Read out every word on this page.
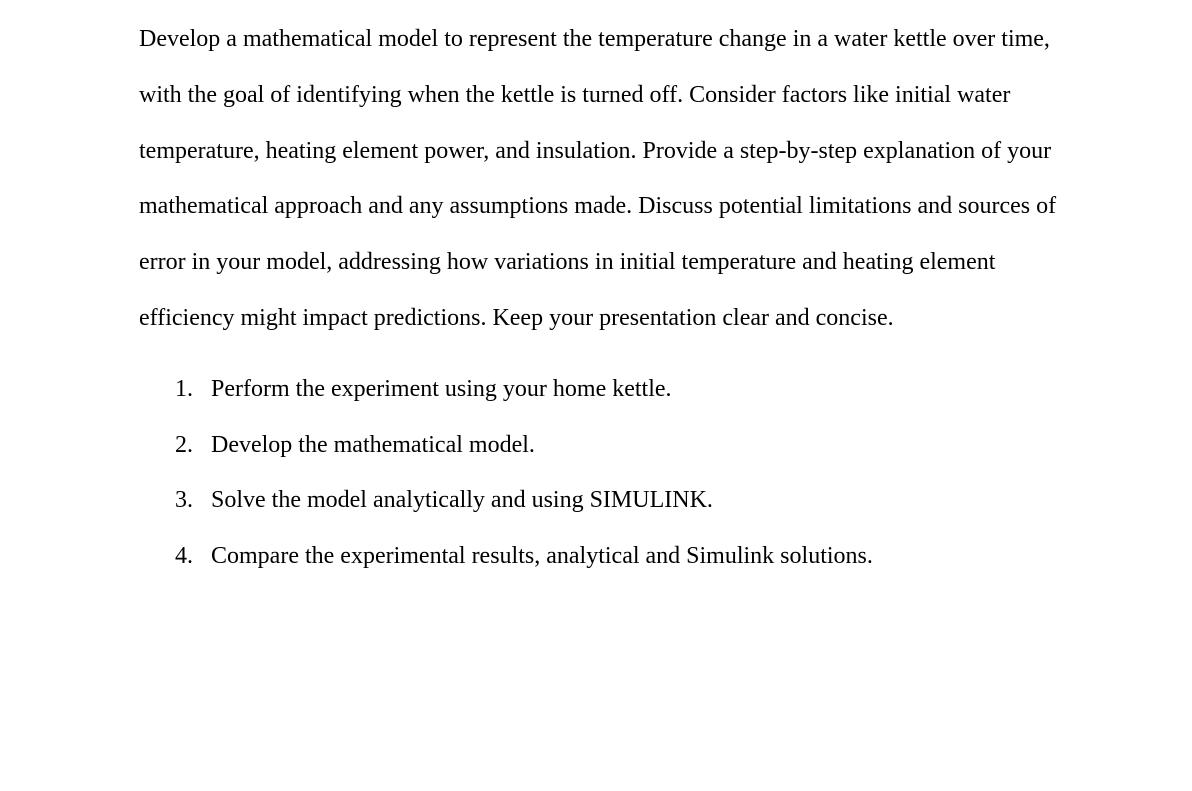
Develop a mathematical model to represent the temperature change in a water kettle over time,
with the goal of identifying when the kettle is turned off. Consider factors like initial water
temperature, heating element power, and insulation. Provide a step-by-step explanation of your
mathematical approach and any assumptions made. Discuss potential limitations and sources of
error in your model, addressing how variations in initial temperature and heating element
efficiency might impact predictions. Keep your presentation clear and concise.

1. Perform the experiment using your home kettle.
2. Develop the mathematical model.
3. Solve the model analytically and using SIMULINK.
4. Compare the experimental results, analytical and Simulink solutions.
